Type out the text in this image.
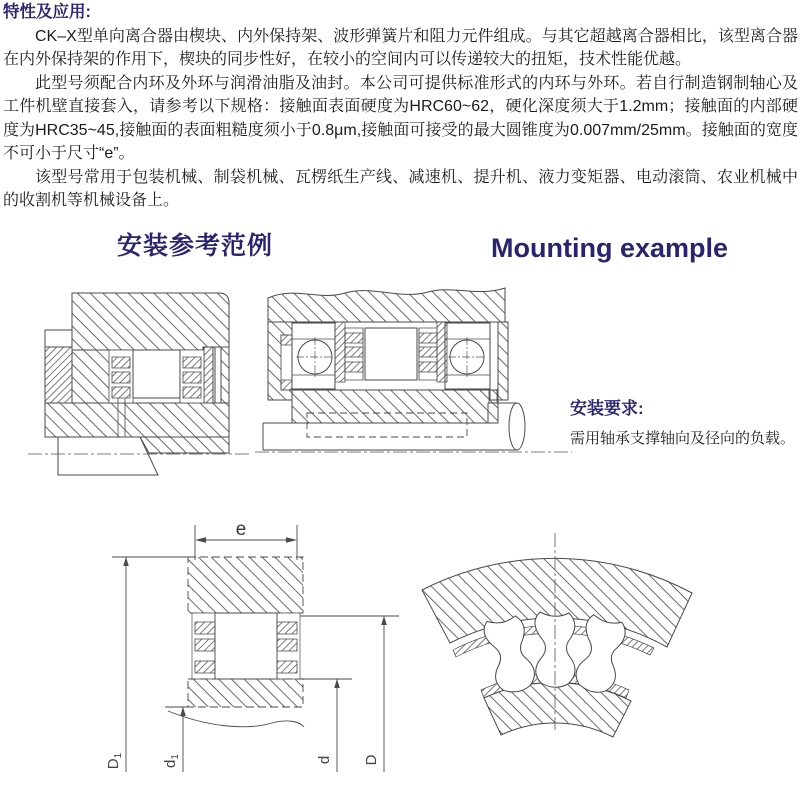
特性及应用:

CK–X型单向离合器由楔块、内外保持架、波形弹簧片和阻力元件组成。与其它超越离合器相比，该型离合器在内外保持架的作用下，楔块的同步性好，在较小的空间内可以传递较大的扭矩，技术性能优越。

此型号须配合内环及外环与润滑油脂及油封。本公司可提供标准形式的内环与外环。若自行制造钢制轴心及工件机壁直接套入，请参考以下规格：接触面表面硬度为HRC60~62，硬化深度须大于1.2mm；接触面的内部硬度为HRC35~45,接触面的表面粗糙度须小于0.8μm,接触面可接受的最大圆锥度为0.007mm/25mm。接触面的宽度不可小于尺寸“e”。

该型号常用于包装机械、制袋机械、瓦楞纸生产线、减速机、提升机、液力变矩器、电动滚筒、农业机械中的收割机等机械设备上。

安装参考范例	Mounting example
安装要求:
需用轴承支撑轴向及径向的负载。
e
$D_1$
$d_1$	d D
